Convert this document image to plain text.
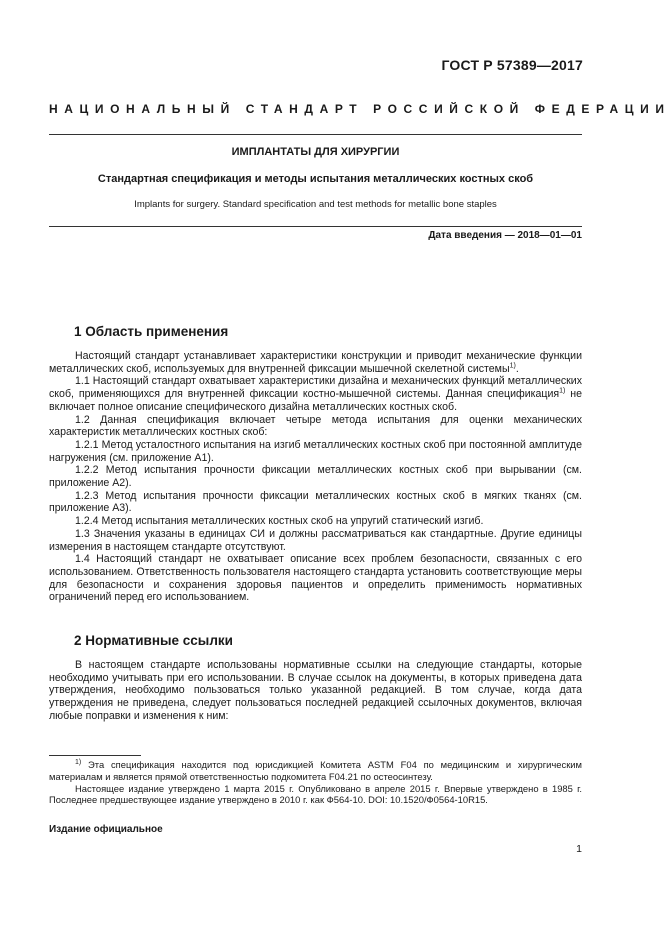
ГОСТ Р 57389—2017
НАЦИОНАЛЬНЫЙ СТАНДАРТ РОССИЙСКОЙ ФЕДЕРАЦИИ
ИМПЛАНТАТЫ ДЛЯ ХИРУРГИИ
Стандартная спецификация и методы испытания металлических костных скоб
Implants for surgery. Standard specification and test methods for metallic bone staples
Дата введения — 2018—01—01
1 Область применения

Настоящий стандарт устанавливает характеристики конструкции и приводит механические функции металлических скоб, используемых для внутренней фиксации мышечной скелетной системы$^{1)}$.

1.1 Настоящий стандарт охватывает характеристики дизайна и механических функций металлических скоб, применяющихся для внутренней фиксации костно-мышечной системы. Данная спецификация$^{1)}$ не включает полное описание специфического дизайна металлических костных скоб.

1.2 Данная спецификация включает четыре метода испытания для оценки механических характеристик металлических костных скоб:

1.2.1 Метод усталостного испытания на изгиб металлических костных скоб при постоянной амплитуде нагружения (см. приложение А1).

1.2.2 Метод испытания прочности фиксации металлических костных скоб при вырывании (см. приложение А2).

1.2.3 Метод испытания прочности фиксации металлических костных скоб в мягких тканях (см. приложение А3).

1.2.4 Метод испытания металлических костных скоб на упругий статический изгиб.

1.3 Значения указаны в единицах СИ и должны рассматриваться как стандартные. Другие единицы измерения в настоящем стандарте отсутствуют.

1.4 Настоящий стандарт не охватывает описание всех проблем безопасности, связанных с его использованием. Ответственность пользователя настоящего стандарта установить соответствующие меры для безопасности и сохранения здоровья пациентов и определить применимость нормативных ограничений перед его использованием.

2 Нормативные ссылки

В настоящем стандарте использованы нормативные ссылки на следующие стандарты, которые необходимо учитывать при его использовании. В случае ссылок на документы, в которых приведена дата утверждения, необходимо пользоваться только указанной редакцией. В том случае, когда дата утверждения не приведена, следует пользоваться последней редакцией ссылочных документов, включая любые поправки и изменения к ним:

$^{1)}$ Эта спецификация находится под юрисдикцией Комитета ASTM F04 по медицинским и хирургическим материалам и является прямой ответственностью подкомитета F04.21 по остеосинтезу.

Настоящее издание утверждено 1 марта 2015 г. Опубликовано в апреле 2015 г. Впервые утверждено в 1985 г. Последнее предшествующее издание утверждено в 2010 г. как Ф564-10. DOI: 10.1520/Ф0564-10R15.

Издание официальное
1
